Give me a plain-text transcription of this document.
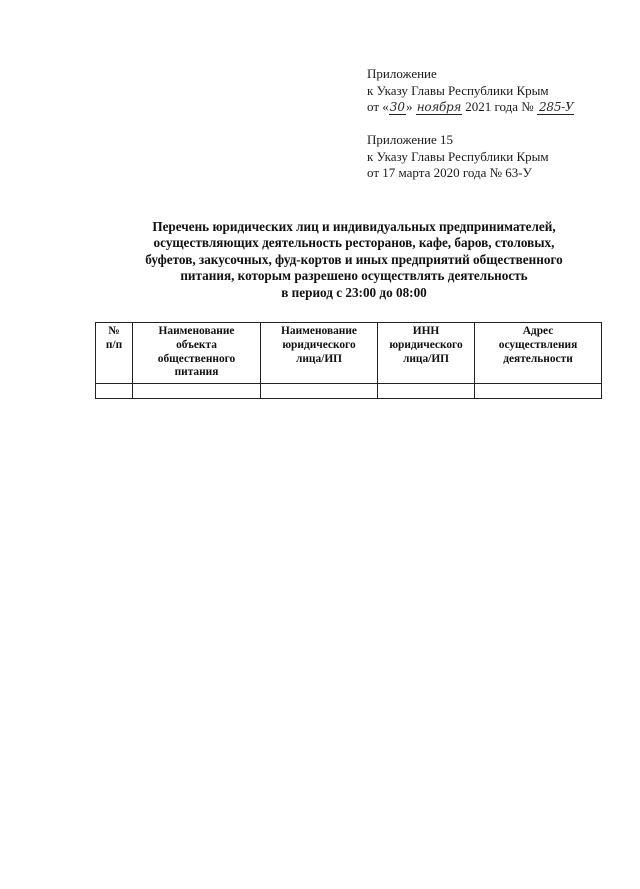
Приложение
к Указу Главы Республики Крым
от «30» ноября 2021 года № 285-У
Приложение 15
к Указу Главы Республики Крым
от 17 марта 2020 года № 63-У
Перечень юридических лиц и индивидуальных предпринимателей,
осуществляющих деятельность ресторанов, кафе, баров, столовых,
буфетов, закусочных, фуд-кортов и иных предприятий общественного
питания, которым разрешено осуществлять деятельность
в период с 23:00 до 08:00
№
п/п	Наименование
объекта
общественного
питания	Наименование
юридического
лица/ИП	ИНН
юридического
лица/ИП	Адрес
осуществления
деятельности
